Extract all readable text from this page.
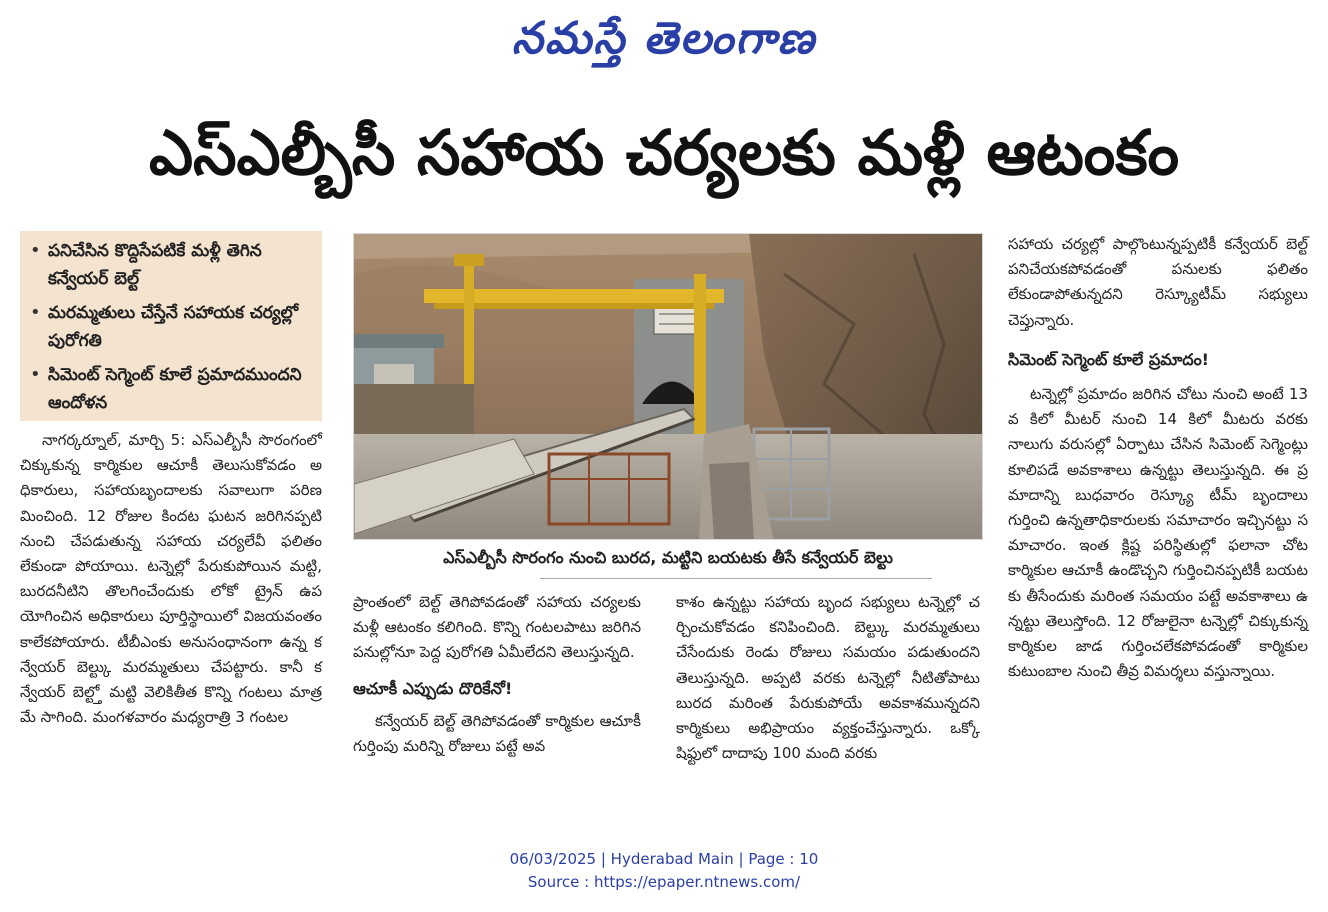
నమస్తే తెలంగాణ
ఎస్ఎల్బీసీ సహాయ చర్యలకు మళ్లీ ఆటంకం
• పనిచేసిన కొద్దిసేపటికే మళ్లీ తెగిన కన్వేయర్ బెల్ట్
• మరమ్మతులు చేస్తేనే సహాయక చర్యల్లో పురోగతి
• సిమెంట్ సెగ్మెంట్ కూలే ప్రమాదముందని ఆందోళన
ఎస్ఎల్బీసీ సొరంగం నుంచి బురద, మట్టిని బయటకు తీసే కన్వేయర్ బెల్టు
నాగర్కర్నూల్, మార్చి 5: ఎస్ఎల్బీసీ సొరంగంలో చిక్కుకున్న కార్మికుల ఆచూకీ తెలుసుకోవడం అధికారులు, సహాయబృందాలకు సవాలుగా పరిణమించింది. 12 రోజుల కిందట ఘటన జరిగినప్పటి నుంచి చేపడుతున్న సహాయ చర్యలేవీ ఫలితం లేకుండా పోయాయి. టన్నెల్లో పేరుకుపోయిన మట్టి, బురదనీటిని తొలగించేందుకు లోకో ట్రైన్ ఉపయోగించిన అధికారులు పూర్తిస్థాయిలో విజయవంతం కాలేకపోయారు. టీబీఎంకు అనుసంధానంగా ఉన్న కన్వేయర్ బెల్ట్కు మరమ్మతులు చేపట్టారు. కానీ కన్వేయర్ బెల్ట్తో మట్టి వెలికితీత కొన్ని గంటలు మాత్రమే సాగింది. మంగళవారం మధ్యరాత్రి 3 గంటల
ప్రాంతంలో బెల్ట్ తెగిపోవడంతో సహాయ చర్యలకు మళ్లీ ఆటంకం కలిగింది. కొన్ని గంటలపాటు జరిగిన పనుల్లోనూ పెద్ద పురోగతి ఏమీలేదని తెలుస్తున్నది.
ఆచూకీ ఎప్పుడు దొరికేనో!
కన్వేయర్ బెల్ట్ తెగిపోవడంతో కార్మికుల ఆచూకీ గుర్తింపు మరిన్ని రోజులు పట్టే అవ
కాశం ఉన్నట్టు సహాయ బృంద సభ్యులు టన్నెల్లో చర్చించుకోవడం కనిపించింది. బెల్ట్కు మరమ్మతులు చేసేందుకు రెండు రోజులు సమయం పడుతుందని తెలుస్తున్నది. అప్పటి వరకు టన్నెల్లో నీటితోపాటు బురద మరింత పేరుకుపోయే అవకాశమున్నదని కార్మికులు అభిప్రాయం వ్యక్తంచేస్తున్నారు. ఒక్కో షిఫ్టులో దాదాపు 100 మంది వరకు
సహాయ చర్యల్లో పాల్గొంటున్నప్పటికీ కన్వేయర్ బెల్ట్ పనిచేయకపోవడంతో పనులకు ఫలితం లేకుండాపోతున్నదని రెస్క్యూటీమ్ సభ్యులు చెప్తున్నారు.
సిమెంట్ సెగ్మెంట్ కూలే ప్రమాదం!
టన్నెల్లో ప్రమాదం జరిగిన చోటు నుంచి అంటే 13వ కిలో మీటర్ నుంచి 14 కిలో మీటరు వరకు నాలుగు వరుసల్లో ఏర్పాటు చేసిన సిమెంట్ సెగ్మెంట్లు కూలిపడే అవకాశాలు ఉన్నట్టు తెలుస్తున్నది. ఈ ప్రమాదాన్ని బుధవారం రెస్క్యూ టీమ్ బృందాలు గుర్తించి ఉన్నతాధికారులకు సమాచారం ఇచ్చినట్టు సమాచారం. ఇంత క్లిష్ట పరిస్థితుల్లో ఫలానా చోట కార్మికుల ఆచూకీ ఉండొచ్చని గుర్తించినప్పటికీ బయటకు తీసేందుకు మరింత సమయం పట్టే అవకాశాలు ఉన్నట్టు తెలుస్తోంది. 12 రోజులైనా టన్నెల్లో చిక్కుకున్న కార్మికుల జాడ గుర్తించలేకపోవడంతో కార్మికుల కుటుంబాల నుంచి తీవ్ర విమర్శలు వస్తున్నాయి.
06/03/2025 | Hyderabad Main | Page : 10
Source : https://epaper.ntnews.com/
